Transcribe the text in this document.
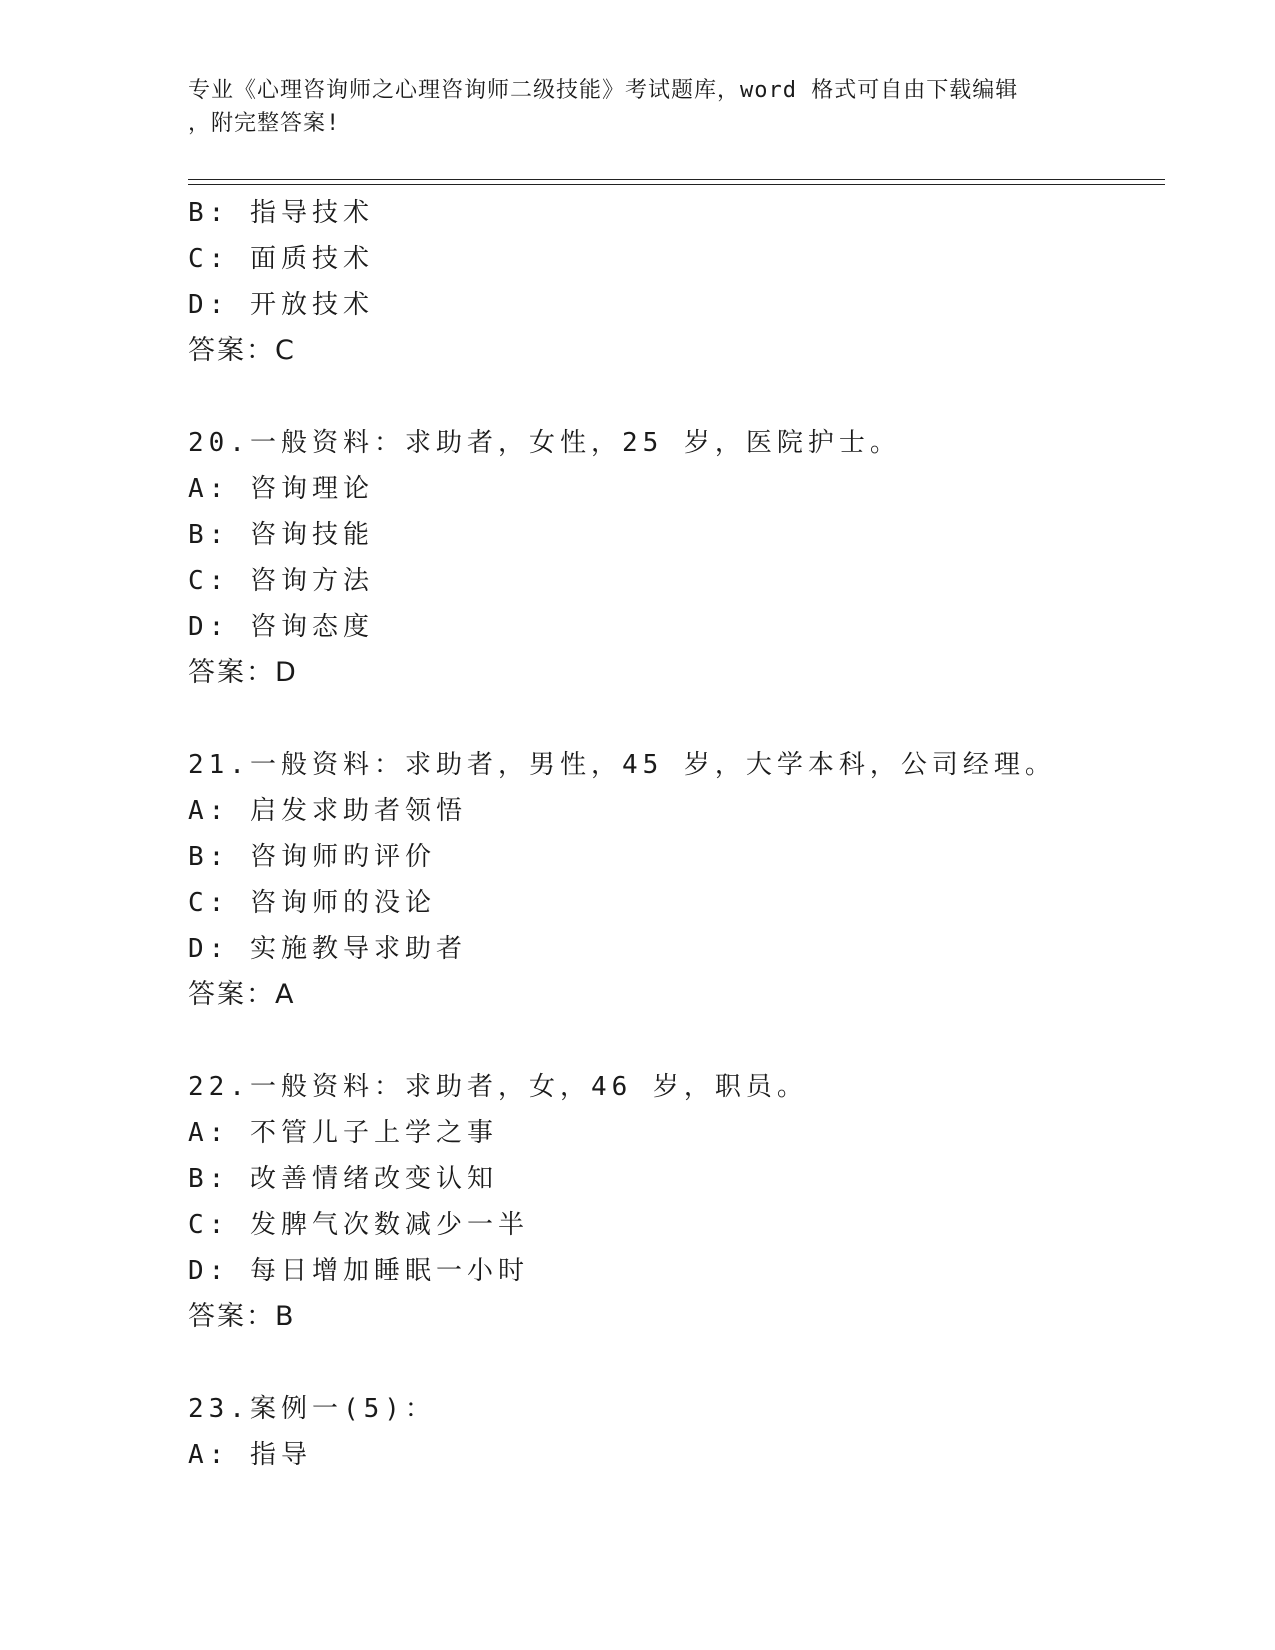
专业《心理咨询师之心理咨询师二级技能》考试题库，word 格式可自由下载编辑
，附完整答案!
B: 指导技术
C: 面质技术
D: 开放技术
答案：C
20.一般资料：求助者，女性，25 岁，医院护士。
A: 咨询理论
B: 咨询技能
C: 咨询方法
D: 咨询态度
答案：D
21.一般资料：求助者，男性，45 岁，大学本科，公司经理。
A: 启发求助者领悟
B: 咨询师旳评价
C: 咨询师的没论
D: 实施教导求助者
答案：A
22.一般资料：求助者，女，46 岁，职员。
A: 不管儿子上学之事
B: 改善情绪改变认知
C: 发脾气次数减少一半
D: 每日增加睡眠一小时
答案：B
23.案例一(5)：
A: 指导
